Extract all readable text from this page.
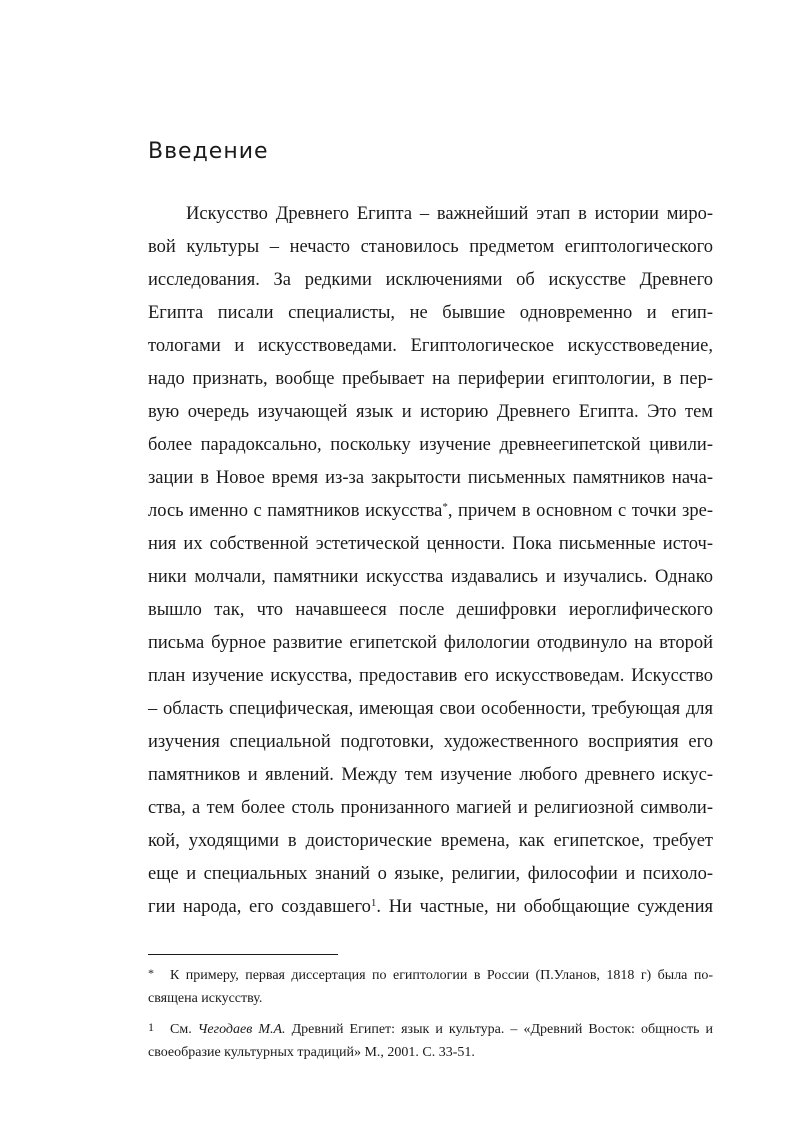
Введение
Искусство Древнего Египта – важнейший этап в истории миро-
вой культуры – нечасто становилось предметом египтологического
исследования. За редкими исключениями об искусстве Древнего
Египта писали специалисты, не бывшие одновременно и егип-
тологами и искусствоведами. Египтологическое искусствоведение,
надо признать, вообще пребывает на периферии египтологии, в пер-
вую очередь изучающей язык и историю Древнего Египта. Это тем
более парадоксально, поскольку изучение древнеегипетской цивили-
зации в Новое время из-за закрытости письменных памятников нача-
лось именно с памятников искусства*, причем в основном с точки зре-
ния их собственной эстетической ценности. Пока письменные источ-
ники молчали, памятники искусства издавались и изучались. Однако
вышло так, что начавшееся после дешифровки иероглифического
письма бурное развитие египетской филологии отодвинуло на второй
план изучение искусства, предоставив его искусствоведам. Искусство
– область специфическая, имеющая свои особенности, требующая для
изучения специальной подготовки, художественного восприятия его
памятников и явлений. Между тем изучение любого древнего искус-
ства, а тем более столь пронизанного магией и религиозной символи-
кой, уходящими в доисторические времена, как египетское, требует
еще и специальных знаний о языке, религии, философии и психоло-
гии народа, его создавшего$^1$. Ни частные, ни обобщающие суждения
* К примеру, первая диссертация по египтологии в России (П.Уланов, 1818 г) была по-
священа искусству.
1 См. Чегодаев М.А. Древний Египет: язык и культура. – «Древний Восток: общность и
своеобразие культурных традиций» М., 2001. С. 33-51.
